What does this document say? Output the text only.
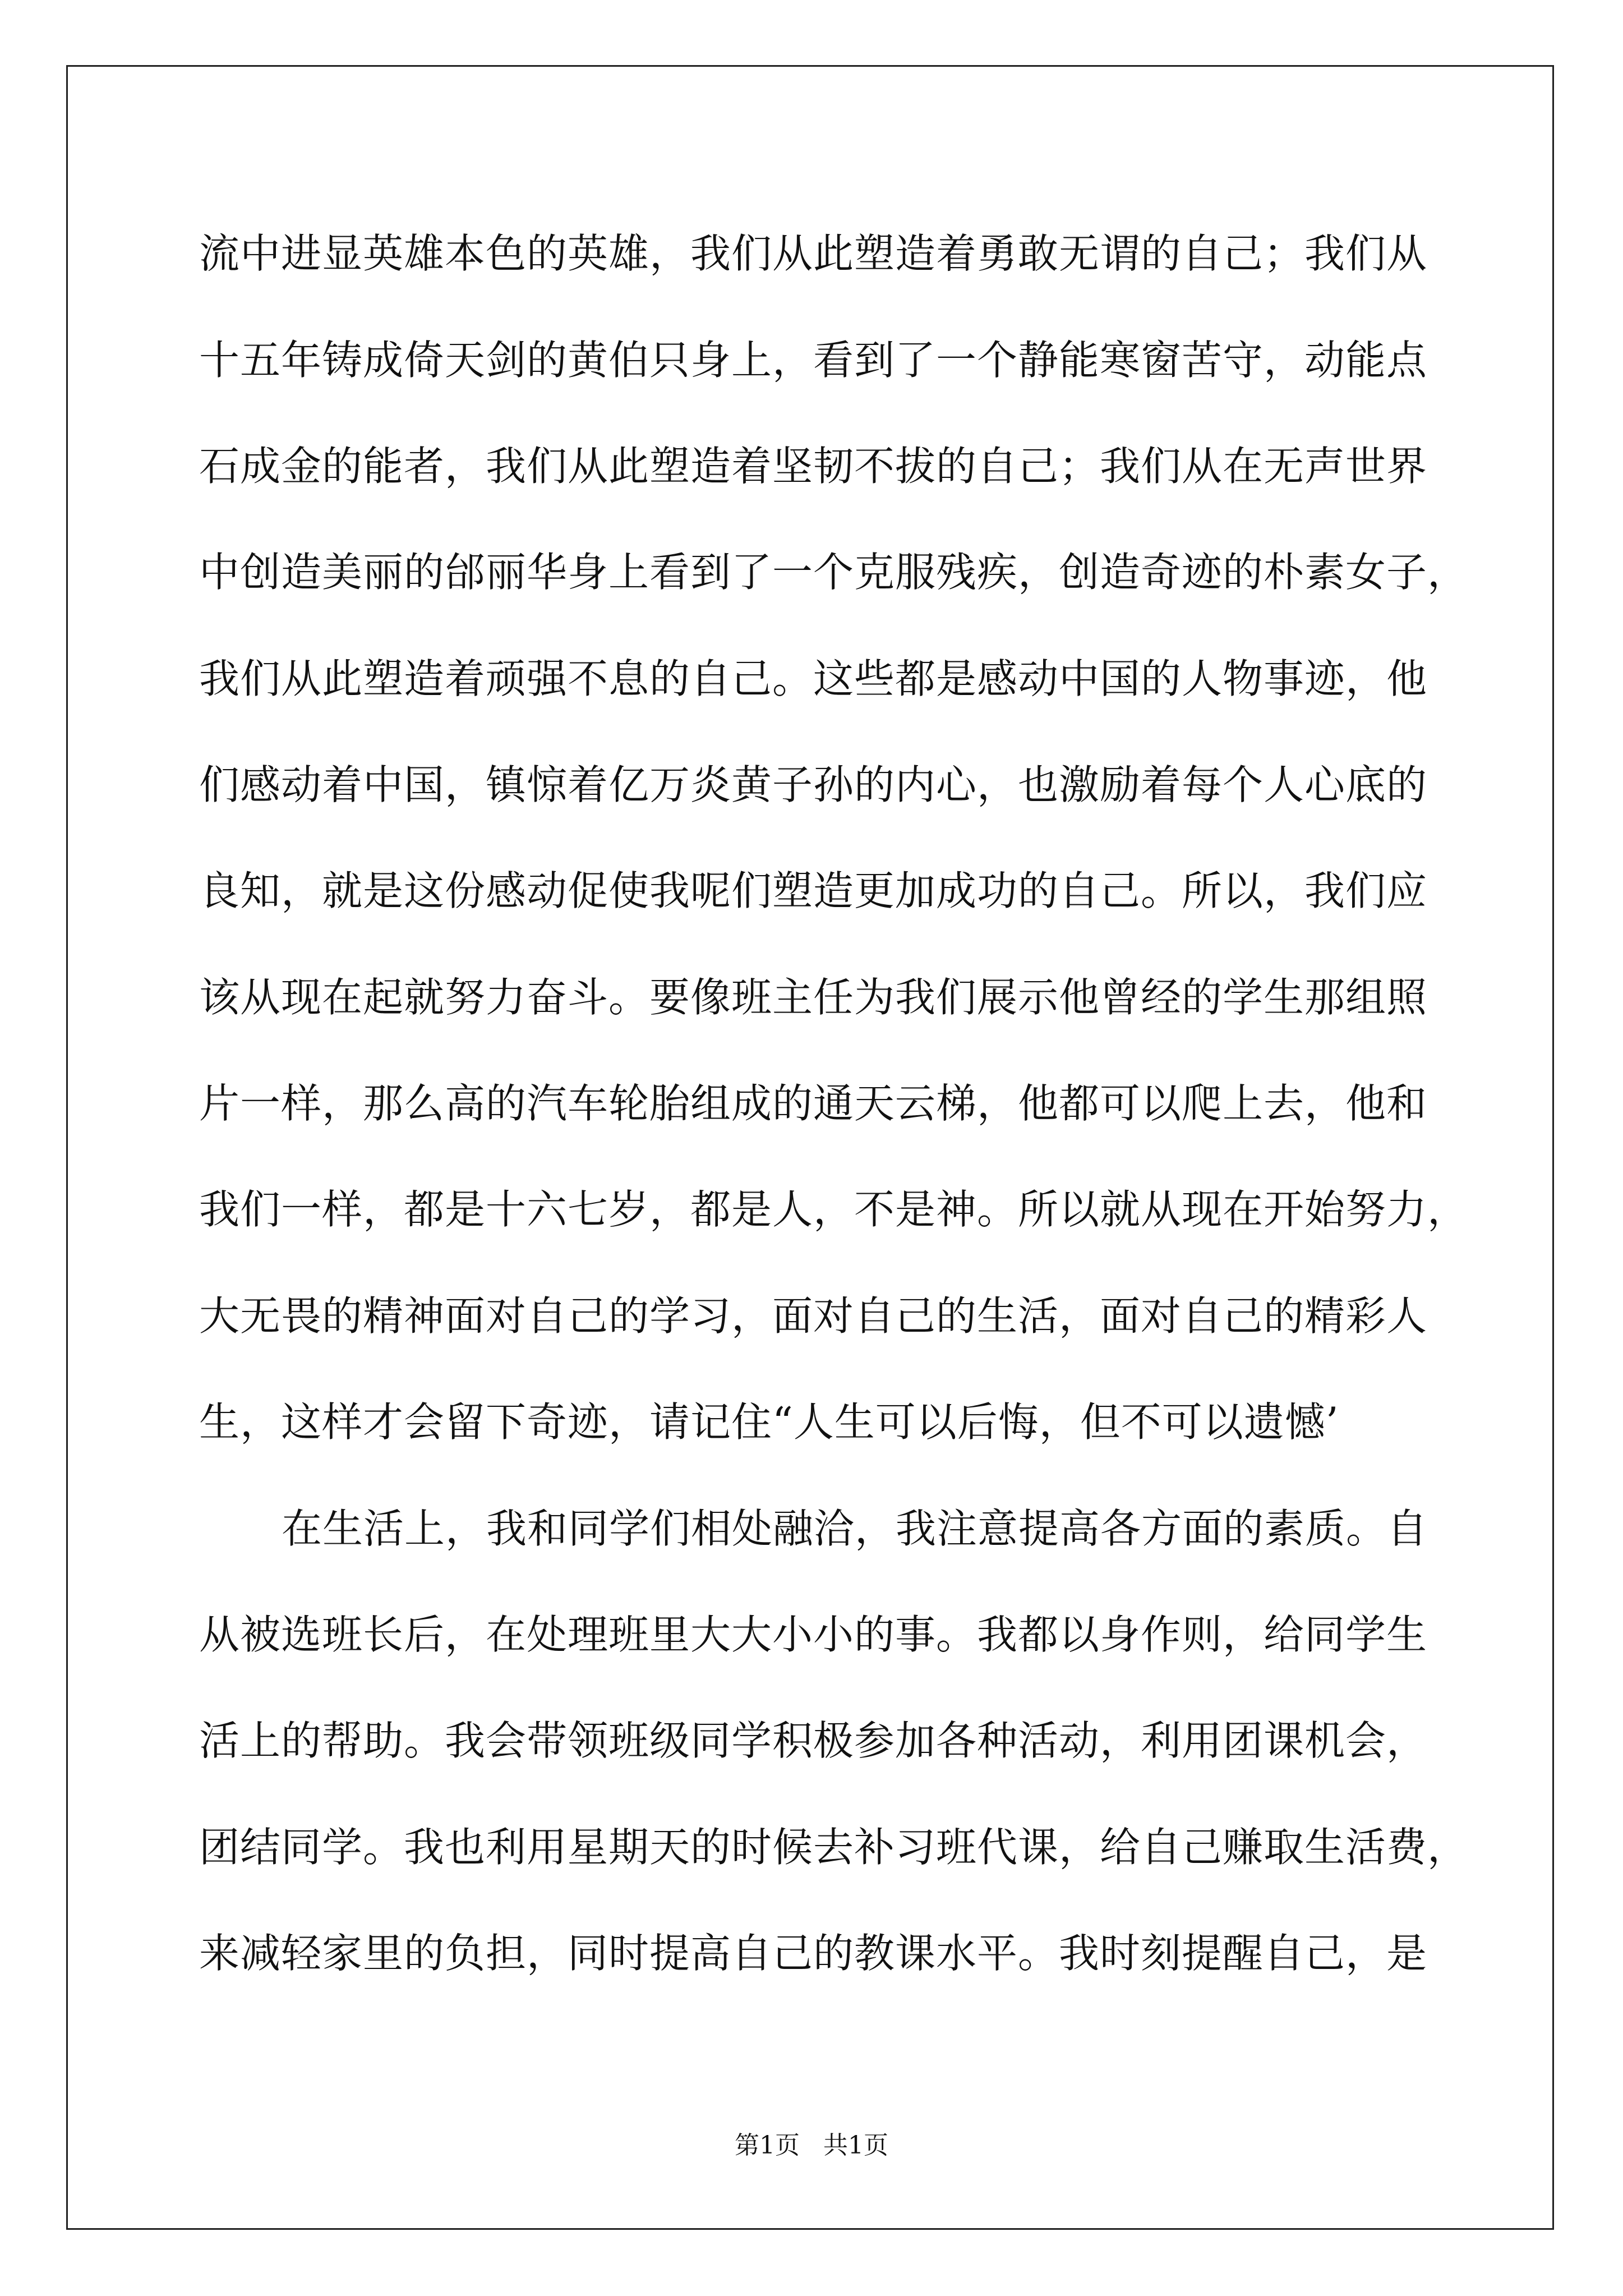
流中进显英雄本色的英雄，我们从此塑造着勇敢无谓的自己；我们从
十五年铸成倚天剑的黄伯只身上，看到了一个静能寒窗苦守，动能点
石成金的能者，我们从此塑造着坚韧不拔的自己；我们从在无声世界
中创造美丽的邰丽华身上看到了一个克服残疾，创造奇迹的朴素女子，
我们从此塑造着顽强不息的自己。这些都是感动中国的人物事迹，他
们感动着中国，镇惊着亿万炎黄子孙的内心，也激励着每个人心底的
良知，就是这份感动促使我呢们塑造更加成功的自己。所以，我们应
该从现在起就努力奋斗。要像班主任为我们展示他曾经的学生那组照
片一样，那么高的汽车轮胎组成的通天云梯，他都可以爬上去，他和
我们一样，都是十六七岁，都是人，不是神。所以就从现在开始努力，
大无畏的精神面对自己的学习，面对自己的生活，面对自己的精彩人
生，这样才会留下奇迹，请记住“人生可以后悔，但不可以遗憾’
在生活上，我和同学们相处融洽，我注意提高各方面的素质。自
从被选班长后，在处理班里大大小小的事。我都以身作则，给同学生
活上的帮助。我会带领班级同学积极参加各种活动，利用团课机会，
团结同学。我也利用星期天的时候去补习班代课，给自己赚取生活费，
来减轻家里的负担，同时提高自己的教课水平。我时刻提醒自己，是
第1页   共1页
